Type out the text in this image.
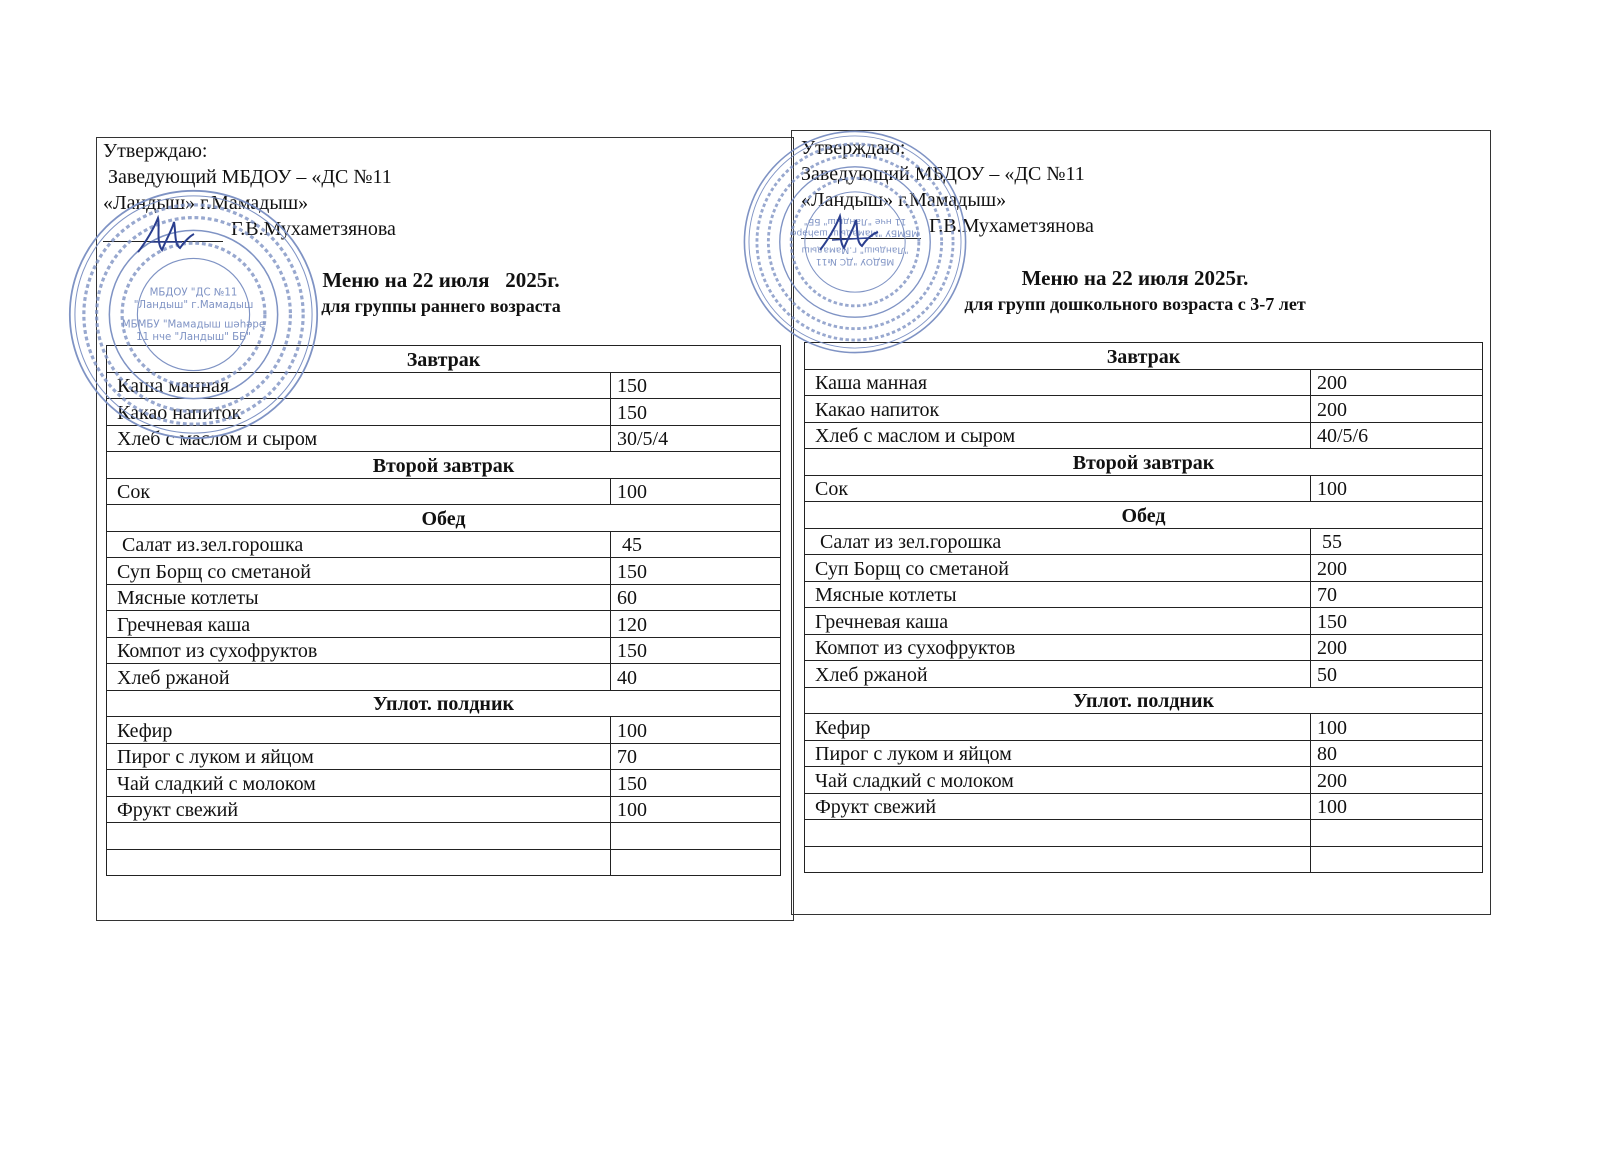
Утверждаю:
Заведующий МБДОУ – «ДС №11
«Ландыш» г.Мамадыш»
Г.В.Мухаметзянова
Меню на 22 июля   2025г.
для группы раннего возраста
Завтрак	
Каша манная	150
Какао напиток	150
Хлеб с маслом и сыром	30/5/4
Второй завтрак	
Сок	100
Обед	
Салат из.зел.горошка	45
Суп Борщ со сметаной	150
Мясные котлеты	60
Гречневая каша	120
Компот из сухофруктов	150
Хлеб ржаной	40
Уплот. полдник	
Кефир	100
Пирог с луком и яйцом	70
Чай сладкий с молоком	150
Фрукт свежий	100

Утверждаю:
Заведующий МБДОУ – «ДС №11
«Ландыш» г.Мамадыш»
Г.В.Мухаметзянова
Меню на 22 июля 2025г.
для групп дошкольного возраста с 3-7 лет
Завтрак	
Каша манная	200
Какао напиток	200
Хлеб с маслом и сыром	40/5/6
Второй завтрак	
Сок	100
Обед	
Салат из зел.горошка	55
Суп Борщ со сметаной	200
Мясные котлеты	70
Гречневая каша	150
Компот из сухофруктов	200
Хлеб ржаной	50
Уплот. полдник	
Кефир	100
Пирог с луком и яйцом	80
Чай сладкий с молоком	200
Фрукт свежий	100

МБДОУ "ДС №11
"Ландыш" г.Мамадыш
МБМБУ "Мамадыш шәһәре
11 нче "Ландыш" ББ"
МБДОУ "ДС №11
"Ландыш" г.Мамадыш
МБМБУ "Мамадыш шәһәре
11 нче "Ландыш" ББ"
